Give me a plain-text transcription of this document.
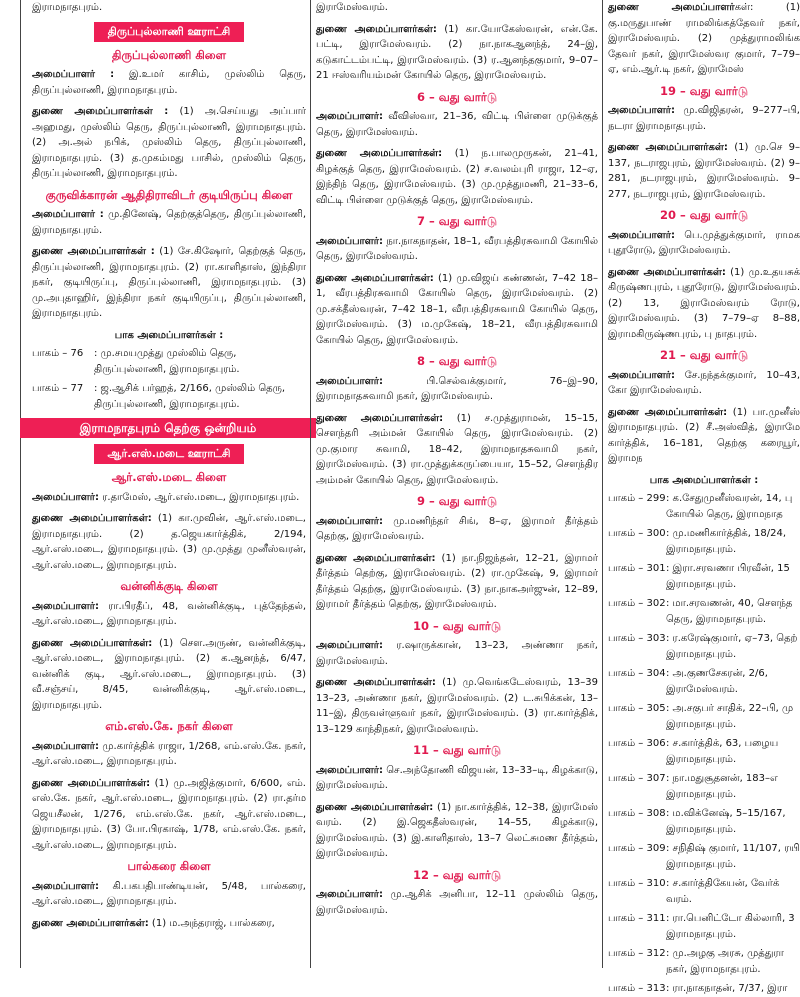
இராமநாதபுரம்.
திருப்புல்லாணி ஊராட்சி
திருப்புல்லாணி கிளை
அமைப்பாளர் : இ.உமர் காசிம், முஸ்லிம் தெரு, திருப்புல்லாணி, இராமநாதபுரம்.
துணை அமைப்பாளர்கள் : (1) அ.செய்யது அப்பார் அஹமது, முஸ்லிம் தெரு, திருப்புல்லாணி, இராமநாதபுரம். (2) அ.அல் நபிக், முஸ்லிம் தெரு, திருப்புல்லாணி, இராமநாதபுரம். (3) த.முகம்மது பாசில், முஸ்லிம் தெரு, திருப்புல்லாணி, இராமநாதபுரம்.
குருவிக்காரன் ஆதிதிராவிடர் குடியிருப்பு கிளை
அமைப்பாளர் : மு.தினேஷ், தெற்குத்தெரு, திருப்புல்லாணி, இராமநாதபுரம்.
துணை அமைப்பாளர்கள் : (1) சே.கிஷோர், தெற்குத் தெரு, திருப்புல்லாணி, இராமநாதபுரம். (2) ரா.காளிதாஸ், இந்திரா நகர், குடியிருப்பு, திருப்புல்லாணி, இராமநாதபுரம். (3) மு.அபுதாஹிர், இந்திரா நகர் குடியிருப்பு, திருப்புல்லாணி, இராமநாதபுரம்.
பாக அமைப்பாளர்கள் :
பாகம் – 76	: மு.சமயமுத்து முஸ்லிம் தெரு, திருப்புல்லாணி, இராமநாதபுரம்.
பாகம் – 77	: ஜ.ஆசிக் பர்ஹத், 2/166, முஸ்லிம் தெரு, திருப்புல்லாணி, இராமநாதபுரம்.
இராமநாதபுரம் தெற்கு ஒன்றியம்
ஆர்.எஸ்.மடை ஊராட்சி
ஆர்.எஸ்.மடை கிளை
அமைப்பாளர்: ர.தாமேஸ், ஆர்.எஸ்.மடை, இராமநாதபுரம்.
துணை அமைப்பாளர்கள்: (1) கா.முவின், ஆர்.எஸ்.மடை, இராமநாதபுரம். (2) த.ஜெயகார்த்திக், 2/194, ஆர்.எஸ்.மடை, இராமநாதபுரம். (3) மு.முத்து முனீஸ்வரன், ஆர்.எஸ்.மடை, இராமநாதபுரம்.
வன்னிக்குடி கிளை
அமைப்பாளர்: ரா.பிரதீப், 48, வன்னிக்குடி, புத்தேந்தல், ஆர்.எஸ்.மடை, இராமநாதபுரம்.
துணை அமைப்பாளர்கள்: (1) சௌ.அருண், வன்னிக்குடி, ஆர்.எஸ்.மடை, இராமநாதபுரம். (2) க.ஆனந்த், 6/47, வன்னிக் குடி, ஆர்.எஸ்.மடை, இராமநாதபுரம். (3) வீ.சஞ்சய், 8/45, வன்னிக்குடி, ஆர்.எஸ்.மடை, இராமநாதபுரம்.
எம்.எஸ்.கே. நகர் கிளை
அமைப்பாளர்: மு.கார்த்திக் ராஜா, 1/268, எம்.எஸ்.கே. நகர், ஆர்.எஸ்.மடை, இராமநாதபுரம்.
துணை அமைப்பாளர்கள்: (1) மு.அஜித்குமார், 6/600, எம். எஸ்.கே. நகர், ஆர்.எஸ்.மடை, இராமநாதபுரம். (2) ரா.தர்ம ஜெயசீலன், 1/276, எம்.எஸ்.கே. நகர், ஆர்.எஸ்.மடை, இராமநாதபுரம். (3) போ.பிரகாஷ், 1/78, எம்.எஸ்.கே. நகர், ஆர்.எஸ்.மடை, இராமநாதபுரம்.
பால்கரை கிளை
அமைப்பாளர்: கி.பகபதிபாண்டியன், 5/48, பால்கரை, ஆர்.எஸ்.மடை, இராமநாதபுரம்.
துணை அமைப்பாளர்கள்: (1) ம.அந்தராஜ், பால்கரை,
இராமேஸ்வரம்.
துணை அமைப்பாளர்கள்: (1) கா.யோகேஸ்வரன், என்.கே. பட்டி, இராமேஸ்வரம். (2) நா.நாகஆனந்த், 24–இ, கடுகாட்டம்பட்டி, இராமேஸ்வரம். (3) ர.ஆனந்தகுமார், 9–07–21 ஈஸ்வரியம்மன் கோயில் தெரு, இராமேஸ்வரம்.
6 – வது வார்டு
அமைப்பாளர்: வீவிஸ்வா, 21–36, விட்டி பிள்ளை முடுக்குத் தெரு, இராமேஸ்வரம்.
துணை அமைப்பாளர்கள்: (1) ந.பாலமுருகன், 21–41, கிழக்குத் தெரு, இராமேஸ்வரம். (2) ச.வலம்புரி ராஜா, 12–ஏ, இந்திந் தெரு, இராமேஸ்வரம். (3) மு.முத்துமணி, 21–33–6, விட்டி பிள்ளை முடுக்குத் தெரு, இராமேஸ்வரம்.
7 – வது வார்டு
அமைப்பாளர்: நா.நாகநாதன், 18–1, வீரபத்திரசுவாமி கோயில் தெரு, இராமேஸ்வரம்.
துணை அமைப்பாளர்கள்: (1) மு.விஜய் கண்ணன், 7–42 18–1, வீரபத்திரசுவாமி கோயில் தெரு, இராமேஸ்வரம். (2) மு.சக்தீஸ்வரன், 7–42 18–1, வீரபத்திரசுவாமி கோயில் தெரு, இராமேஸ்வரம். (3) ம.முகேஷ், 18–21, வீரபத்திரசுவாமி கோயில் தெரு, இராமேஸ்வரம்.
8 – வது வார்டு
அமைப்பாளர்: பி.செல்வக்குமார், 76–இ–90, இராமநாதசுவாமி நகர், இராமேஸ்வரம்.
துணை அமைப்பாளர்கள்: (1) ச.முத்துராமன், 15–15, சௌந்தரி அம்மன் கோயில் தெரு, இராமேஸ்வரம். (2) மு.குமார சுவாமி, 18–42, இராமநாதசுவாமி நகர், இராமேஸ்வரம். (3) ரா.முத்துக்கருப்பையா, 15–52, சௌந்திர அம்மன் கோயில் தெரு, இராமேஸ்வரம்.
9 – வது வார்டு
அமைப்பாளர்: மு.மணிந்தர் சிங், 8–ஏ, இராமர் தீர்த்தம் தெற்கு, இராமேஸ்வரம்.
துணை அமைப்பாளர்கள்: (1) நா.நிஜந்தன், 12–21, இராமர் தீர்த்தம் தெற்கு, இராமேஸ்வரம். (2) ரா.முகேஷ், 9, இராமர் தீர்த்தம் தெற்கு, இராமேஸ்வரம். (3) நா.நாகஅர்ஜுன், 12–89, இராமர் தீர்த்தம் தெற்கு, இராமேஸ்வரம்.
10 – வது வார்டு
அமைப்பாளர்: ர.ஷாருக்கான், 13–23, அண்ணா நகர், இராமேஸ்வரம்.
துணை அமைப்பாளர்கள்: (1) மு.வெங்கடேஸ்வரம், 13–39 13–23, அண்ணா நகர், இராமேஸ்வரம். (2) ட.சுபிக்கன், 13–11–இ, திருவள்ளுவர் நகர், இராமேஸ்வரம். (3) ரா.கார்த்திக், 13–129 காந்திநகர், இராமேஸ்வரம்.
11 – வது வார்டு
அமைப்பாளர்: செ.அந்தோணி விஜயன், 13–33–டி, கிழக்காடு, இராமேஸ்வரம்.
துணை அமைப்பாளர்கள்: (1) நா.கார்த்திக், 12–38, இராமேஸ் வரம். (2) இ.ஜெகதீஸ்வரன், 14–55, கிழக்காடு, இராமேஸ்வரம். (3) இ.காளிதாஸ், 13–7 லெட்சுமண தீர்த்தம், இராமேஸ்வரம்.
12 – வது வார்டு
அமைப்பாளர்: மு.ஆசிக் அனிபா, 12–11 முஸ்லிம் தெரு, இராமேஸ்வரம்.
துணை அமைப்பாளர்கள்: (1) கு.மருதுபாண் ராமலிங்கத்தேவர் நகர், இராமேஸ்வரம். (2) முத்துராமலிங்க தேவர் நகர், இராமேஸ்வர குமார், 7–79–ஏ, எம்.ஆர்.டி நகர், இராமேஸ்
19 – வது வார்டு
அமைப்பாளர்: மு.விஜிதரன், 9–277–பி, நடரா இராமநாதபுரம்.
துணை அமைப்பாளர்கள்: (1) மு.செ 9–137, நடராஜபுரம், இராமேஸ்வரம். (2) 9–281, நடராஜபுரம், இராமேஸ்வரம். 9–277, நடராஜபுரம், இராமேஸ்வரம்.
20 – வது வார்டு
அமைப்பாளர்: பெ.முத்துக்குமார், ராமக புதூரோடு, இராமேஸ்வரம்.
துணை அமைப்பாளர்கள்: (1) மு.உதயசுக் கிருஷ்ணபுரம், புதூரோடு, இராமேஸ்வரம். (2) 13, இராமேஸ்வரம் ரோடு, இராமேஸ்வரம். (3) 7–79–ஏ 8–88, இராமகிருஷ்ணபுரம், பு நாதபுரம்.
21 – வது வார்டு
அமைப்பாளர்: சே.நந்தக்குமார், 10–43, கோ இராமேஸ்வரம்.
துணை அமைப்பாளர்கள்: (1) பா.முனீஸ் இராமநாதபுரம். (2) சீ.அஸ்வித், இராமே கார்த்திக், 16–181, தெற்கு கரையூர், இராமந
பாக அமைப்பாளர்கள் :
பாகம் – 299 : க.சேதுமுனீஸ்வரன், 14, பு கோயில் தெரு, இராமநாத
பாகம் – 300 : மு.மணிகார்த்திக், 18/24, இராமநாதபுரம்.
பாகம் – 301 : இரா.சரவணா பிரவீன், 15 இராமநாதபுரம்.
பாகம் – 302 : மா.சரவணன், 40, சௌந்த தெரு, இராமநாதபுரம்.
பாகம் – 303 : ர.கரேஷ்குமார், ஏ–73, தெற் இராமநாதபுரம்.
பாகம் – 304 : அ.குணசேகரன், 2/6, இராமேஸ்வரம்.
பாகம் – 305 : அ.சகுபர் சாதிக், 22–பி, மு இராமநாதபுரம்.
பாகம் – 306 : ச.கார்த்திக், 63, பழைய இராமநாதபுரம்.
பாகம் – 307 : நா.மதுசூதனன், 183–எ இராமநாதபுரம்.
பாகம் – 308 : ம.விக்னேஷ், 5–15/167, இராமநாதபுரம்.
பாகம் – 309 : சநிதிஷ் குமார், 11/107, ரயி இராமநாதபுரம்.
பாகம் – 310 : ச.கார்த்திகேயன், வேர்க் வரம்.
பாகம் – 311 : ரா.பெனிட்டோ கில்லாரி, 3 இராமநாதபுரம்.
பாகம் – 312 : மு.அழகு அரசு, முத்துரா நகர், இராமநாதபுரம்.
பாகம் – 313 : ரா.நாகநாதன், 7/37, இரா
